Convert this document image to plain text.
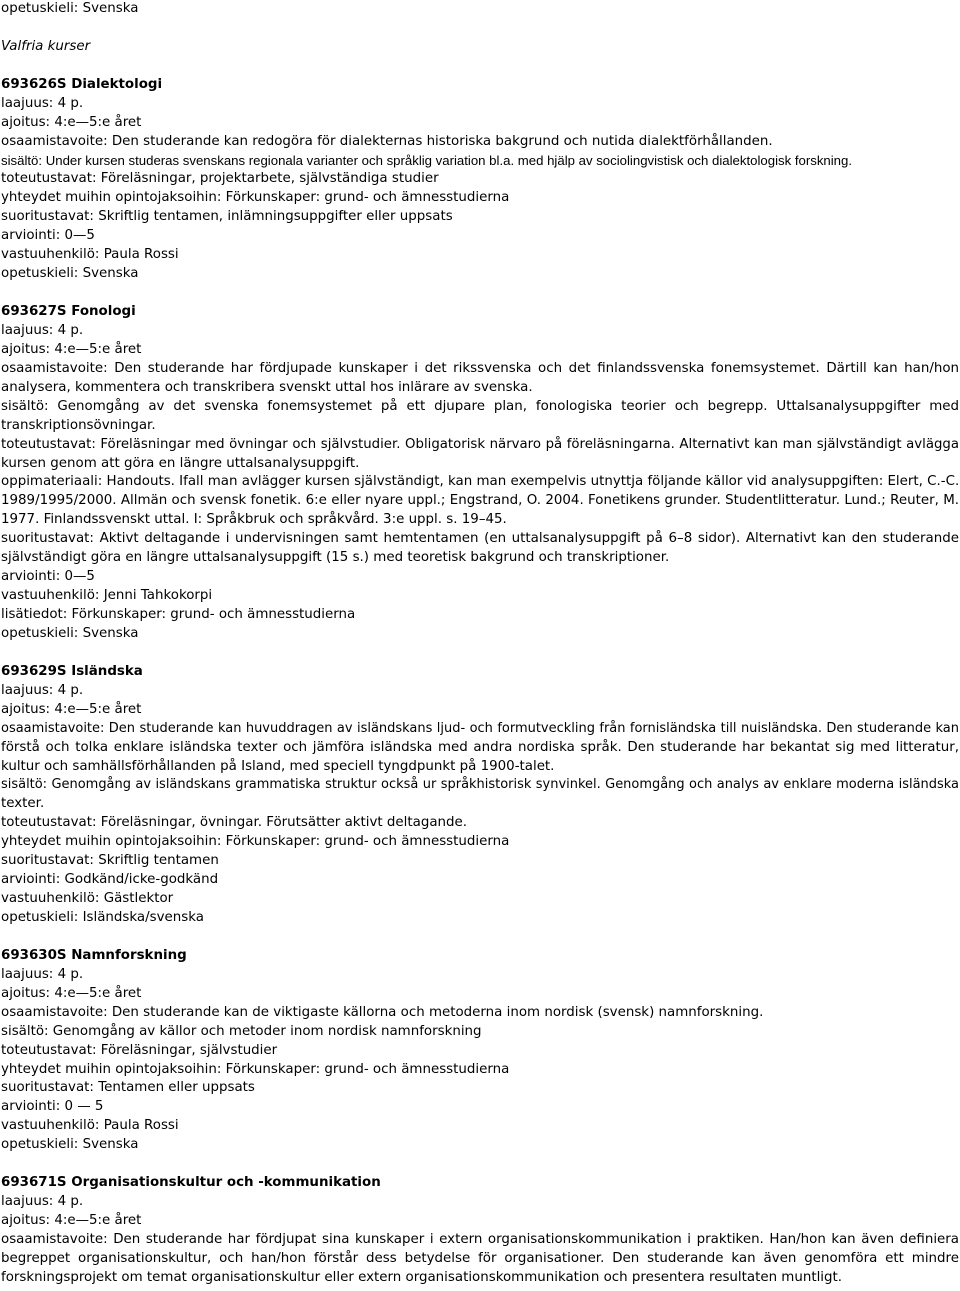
opetuskieli: Svenska
Valfria kurser
693626S Dialektologi
laajuus: 4 p.
ajoitus: 4:e—5:e året
osaamistavoite: Den studerande kan redogöra för dialekternas historiska bakgrund och nutida dialektförhållanden.
sisältö: Under kursen studeras svenskans regionala varianter och språklig variation bl.a. med hjälp av sociolingvistisk och dialektologisk forskning.
toteutustavat: Föreläsningar, projektarbete, självständiga studier
yhteydet muihin opintojaksoihin: Förkunskaper: grund- och ämnesstudierna
suoritustavat: Skriftlig tentamen, inlämningsuppgifter eller uppsats
arviointi: 0—5
vastuuhenkilö: Paula Rossi
opetuskieli: Svenska
693627S Fonologi
laajuus: 4 p.
ajoitus: 4:e—5:e året
osaamistavoite: Den studerande har fördjupade kunskaper i det rikssvenska och det finlandssvenska fonemsystemet. Därtill kan han/hon
analysera, kommentera och transkribera svenskt uttal hos inlärare av svenska.
sisältö: Genomgång av det svenska fonemsystemet på ett djupare plan, fonologiska teorier och begrepp. Uttalsanalysuppgifter med
transkriptionsövningar.
toteutustavat: Föreläsningar med övningar och självstudier. Obligatorisk närvaro på föreläsningarna. Alternativt kan man självständigt avlägga
kursen genom att göra en längre uttalsanalysuppgift.
oppimateriaali: Handouts. Ifall man avlägger kursen självständigt, kan man exempelvis utnyttja följande källor vid analysuppgiften: Elert, C.-C.
1989/1995/2000. Allmän och svensk fonetik. 6:e eller nyare uppl.; Engstrand, O. 2004. Fonetikens grunder. Studentlitteratur. Lund.; Reuter, M.
1977. Finlandssvenskt uttal. I: Språkbruk och språkvård. 3:e uppl. s. 19–45.
suoritustavat: Aktivt deltagande i undervisningen samt hemtentamen (en uttalsanalysuppgift på 6–8 sidor). Alternativt kan den studerande
självständigt göra en längre uttalsanalysuppgift (15 s.) med teoretisk bakgrund och transkriptioner.
arviointi: 0—5
vastuuhenkilö: Jenni Tahkokorpi
lisätiedot: Förkunskaper: grund- och ämnesstudierna
opetuskieli: Svenska
693629S Isländska
laajuus: 4 p.
ajoitus: 4:e—5:e året
osaamistavoite: Den studerande kan huvuddragen av isländskans ljud- och formutveckling från fornisländska till nuisländska. Den studerande kan
förstå och tolka enklare isländska texter och jämföra isländska med andra nordiska språk. Den studerande har bekantat sig med litteratur,
kultur och samhällsförhållanden på Island, med speciell tyngdpunkt på 1900-talet.
sisältö: Genomgång av isländskans grammatiska struktur också ur språkhistorisk synvinkel. Genomgång och analys av enklare moderna isländska
texter.
toteutustavat: Föreläsningar, övningar. Förutsätter aktivt deltagande.
yhteydet muihin opintojaksoihin: Förkunskaper: grund- och ämnesstudierna
suoritustavat: Skriftlig tentamen
arviointi: Godkänd/icke-godkänd
vastuuhenkilö: Gästlektor
opetuskieli: Isländska/svenska
693630S Namnforskning
laajuus: 4 p.
ajoitus: 4:e—5:e året
osaamistavoite: Den studerande kan de viktigaste källorna och metoderna inom nordisk (svensk) namnforskning.
sisältö: Genomgång av källor och metoder inom nordisk namnforskning
toteutustavat: Föreläsningar, självstudier
yhteydet muihin opintojaksoihin: Förkunskaper: grund- och ämnesstudierna
suoritustavat: Tentamen eller uppsats
arviointi: 0 — 5
vastuuhenkilö: Paula Rossi
opetuskieli: Svenska
693671S Organisationskultur och -kommunikation
laajuus: 4 p.
ajoitus: 4:e—5:e året
osaamistavoite: Den studerande har fördjupat sina kunskaper i extern organisationskommunikation i praktiken. Han/hon kan även definiera
begreppet organisationskultur, och han/hon förstår dess betydelse för organisationer. Den studerande kan även genomföra ett mindre
forskningsprojekt om temat organisationskultur eller extern organisationskommunikation och presentera resultaten muntligt.
